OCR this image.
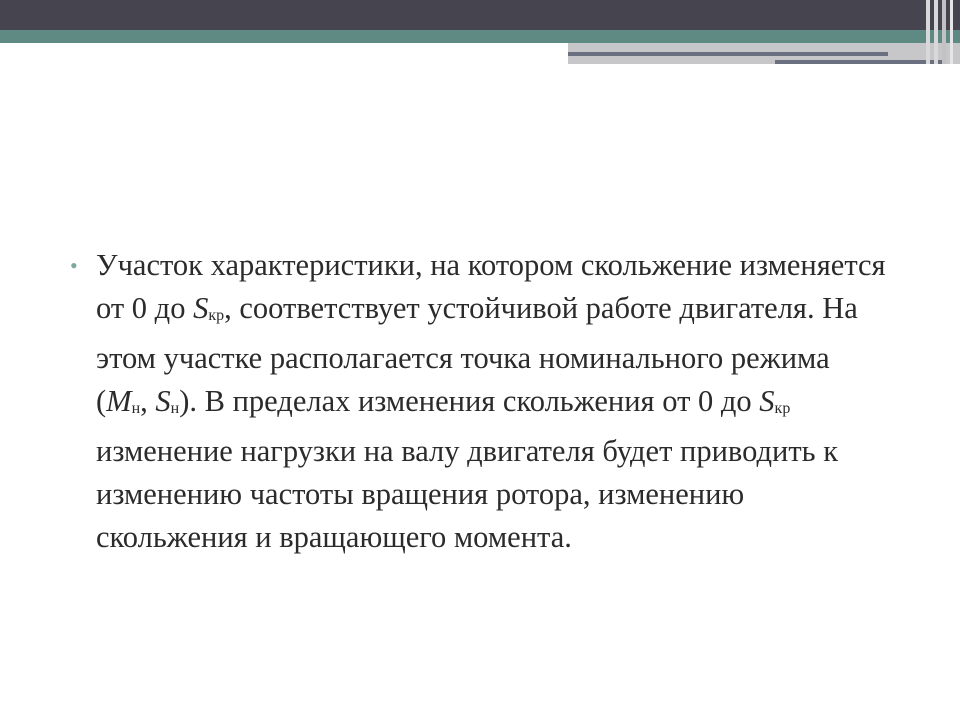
• Участок характеристики, на котором скольжение изменяется от 0 до Sкр, соответствует устойчивой работе двигателя. На этом участке располагается точка номинального режима (Mн, Sн). В пределах изменения скольжения от 0 до Sкр изменение нагрузки на валу двигателя будет приводить к изменению частоты вращения ротора, изменению скольжения и вращающего момента.
